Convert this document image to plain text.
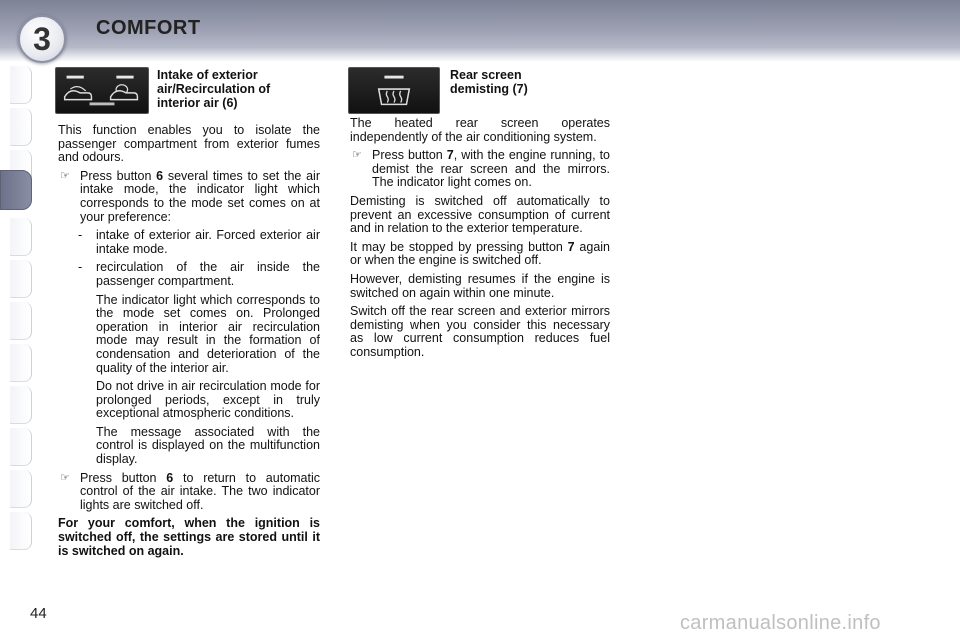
3	COMFORT
Intake of exterior
air/Recirculation of
interior air (6)

This function enables you to isolate the passenger compartment from exterior fumes and odours.

☞ Press button 6 several times to set the air intake mode, the indicator light which corresponds to the mode set comes on at your preference:
- intake of exterior air. Forced exterior air intake mode.
- recirculation of the air inside the passenger compartment.
The indicator light which corresponds to the mode set comes on. Prolonged operation in interior air recirculation mode may result in the formation of condensation and deterioration of the quality of the interior air.
Do not drive in air recirculation mode for prolonged periods, except in truly exceptional atmospheric conditions.
The message associated with the control is displayed on the multifunction display.
☞ Press button 6 to return to automatic control of the air intake. The two indicator lights are switched off.

For your comfort, when the ignition is switched off, the settings are stored until it is switched on again.

Rear screen
demisting (7)

The heated rear screen operates independently of the air conditioning system.

☞ Press button 7, with the engine running, to demist the rear screen and the mirrors. The indicator light comes on.

Demisting is switched off automatically to prevent an excessive consumption of current and in relation to the exterior temperature.

It may be stopped by pressing button 7 again or when the engine is switched off.

However, demisting resumes if the engine is switched on again within one minute.

Switch off the rear screen and exterior mirrors demisting when you consider this necessary as low current consumption reduces fuel consumption.

44	carmanualsonline.info
